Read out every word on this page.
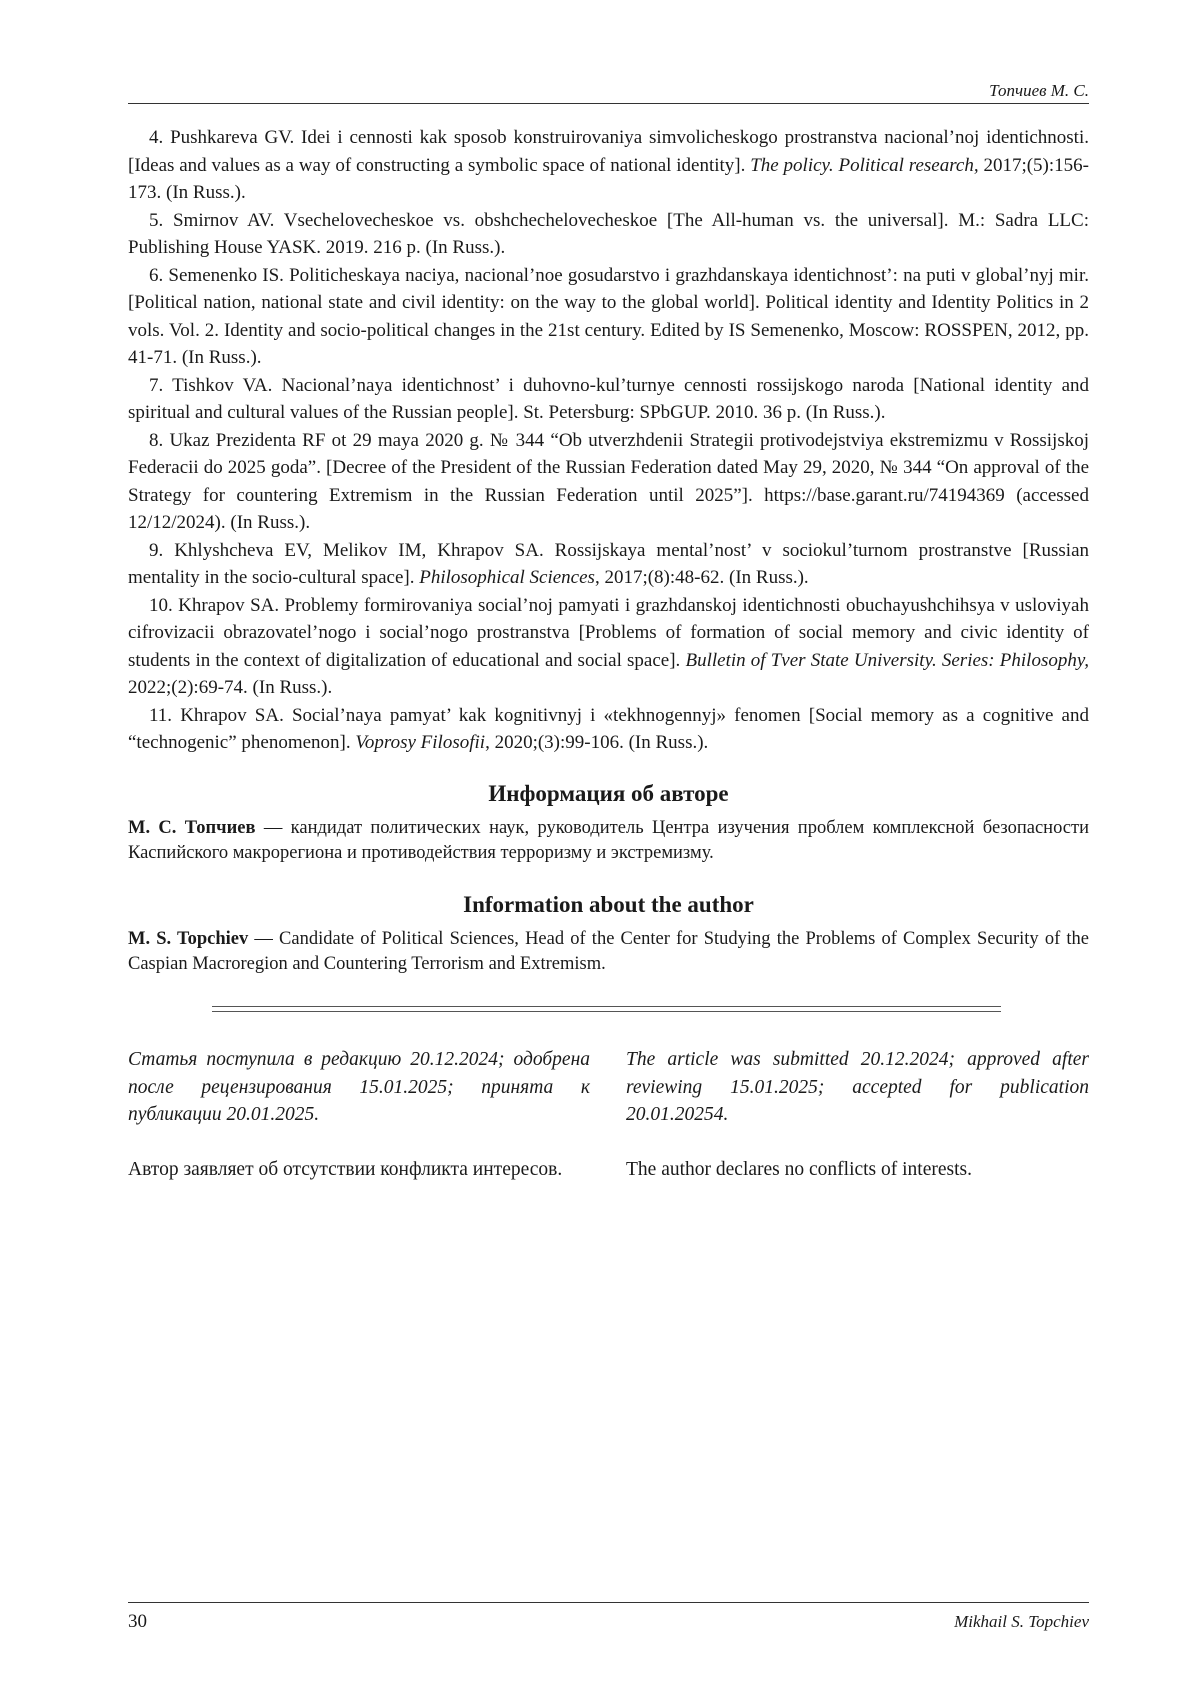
Топчиев М. С.

4. Pushkareva GV. Idei i cennosti kak sposob konstruirovaniya simvolicheskogo prostranstva nacional’noj identichnosti. [Ideas and values as a way of constructing a symbolic space of national identity]. The policy. Political research, 2017;(5):156-173. (In Russ.).

5. Smirnov AV. Vsechelovecheskoe vs. obshchechelovecheskoe [The All-human vs. the universal]. M.: Sadra LLC: Publishing House YASK. 2019. 216 p. (In Russ.).

6. Semenenko IS. Politicheskaya naciya, nacional’noe gosudarstvo i grazhdanskaya identichnost’: na puti v global’nyj mir. [Political nation, national state and civil identity: on the way to the global world]. Political identity and Identity Politics in 2 vols. Vol. 2. Identity and socio-political changes in the 21st century. Edited by IS Semenenko, Moscow: ROSSPEN, 2012, pp. 41-71. (In Russ.).

7. Tishkov VA. Nacional’naya identichnost’ i duhovno-kul’turnye cennosti rossijskogo naroda [National identity and spiritual and cultural values of the Russian people]. St. Petersburg: SPbGUP. 2010. 36 p. (In Russ.).

8. Ukaz Prezidenta RF ot 29 maya 2020 g. № 344 “Ob utverzhdenii Strategii protivodejstviya ekstremizmu v Rossijskoj Federacii do 2025 goda”. [Decree of the President of the Russian Federation dated May 29, 2020, № 344 “On approval of the Strategy for countering Extremism in the Russian Federation until 2025”]. https://base.garant.ru/74194369 (accessed 12/12/2024). (In Russ.).

9. Khlyshcheva EV, Melikov IM, Khrapov SA. Rossijskaya mental’nost’ v sociokul’turnom prostranstve [Russian mentality in the socio-cultural space]. Philosophical Sciences, 2017;(8):48-62. (In Russ.).

10. Khrapov SA. Problemy formirovaniya social’noj pamyati i grazhdanskoj identichnosti obuchayushchihsya v usloviyah cifrovizacii obrazovatel’nogo i social’nogo prostranstva [Problems of formation of social memory and civic identity of students in the context of digitalization of educational and social space]. Bulletin of Tver State University. Series: Philosophy, 2022;(2):69-74. (In Russ.).

11. Khrapov SA. Social’naya pamyat’ kak kognitivnyj i «tekhnogennyj» fenomen [Social memory as a cognitive and “technogenic” phenomenon]. Voprosy Filosofii, 2020;(3):99-106. (In Russ.).

Информация об авторе

М. С. Топчиев — кандидат политических наук, руководитель Центра изучения проблем комплексной безопасности Каспийского макрорегиона и противодействия терроризму и экстремизму.

Information about the author

M. S. Topchiev — Candidate of Political Sciences, Head of the Center for Studying the Problems of Complex Security of the Caspian Macroregion and Countering Terrorism and Extremism.

Статья поступила в редакцию 20.12.2024; одобрена после рецензирования 15.01.2025; принята к публикации 20.01.2025.

The article was submitted 20.12.2024; approved after reviewing 15.01.2025; accepted for publication 20.01.20254.

Автор заявляет об отсутствии конфликта интересов.	The author declares no conflicts of interests.

30	Mikhail S. Topchiev
